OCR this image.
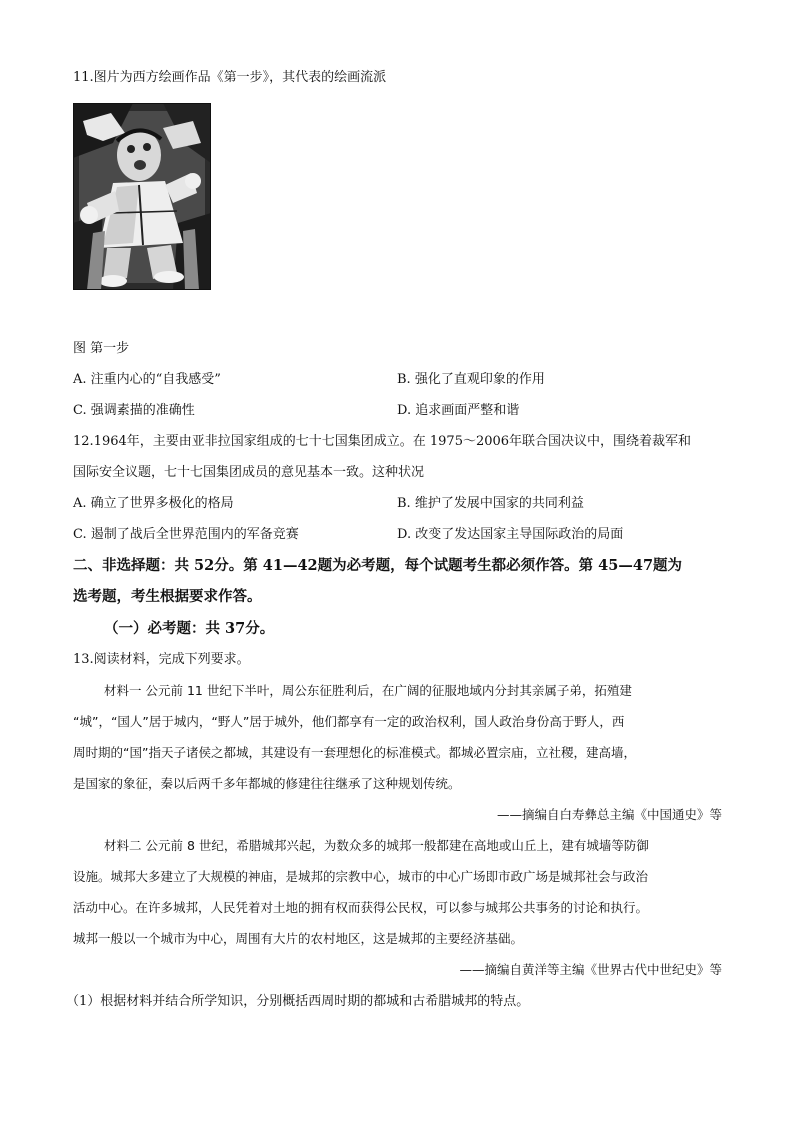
11.图片为西方绘画作品《第一步》，其代表的绘画流派
图 第一步
A. 注重内心的“自我感受”	B. 强化了直观印象的作用
C. 强调素描的准确性	D. 追求画面严整和谐
12.1964年，主要由亚非拉国家组成的七十七国集团成立。在 1975～2006年联合国决议中，围绕着裁军和
国际安全议题，七十七国集团成员的意见基本一致。这种状况
A. 确立了世界多极化的格局	B. 维护了发展中国家的共同利益
C. 遏制了战后全世界范围内的军备竞赛	D. 改变了发达国家主导国际政治的局面
二、非选择题：共 52分。第 41—42题为必考题，每个试题考生都必须作答。第 45—47题为
选考题，考生根据要求作答。
（一）必考题：共 37分。
13.阅读材料，完成下列要求。
材料一 公元前 11 世纪下半叶，周公东征胜利后，在广阔的征服地域内分封其亲属子弟，拓殖建
“城”，“国人”居于城内，“野人”居于城外，他们都享有一定的政治权利，国人政治身份高于野人，西
周时期的“国”指天子诸侯之都城，其建设有一套理想化的标准模式。都城必置宗庙，立社稷，建高墙，
是国家的象征，秦以后两千多年都城的修建往往继承了这种规划传统。
——摘编自白寿彝总主编《中国通史》等
材料二 公元前 8 世纪，希腊城邦兴起，为数众多的城邦一般都建在高地或山丘上，建有城墙等防御
设施。城邦大多建立了大规模的神庙，是城邦的宗教中心，城市的中心广场即市政广场是城邦社会与政治
活动中心。在许多城邦，人民凭着对土地的拥有权而获得公民权，可以参与城邦公共事务的讨论和执行。
城邦一般以一个城市为中心，周围有大片的农村地区，这是城邦的主要经济基础。
——摘编自黄洋等主编《世界古代中世纪史》等
（1）根据材料并结合所学知识，分别概括西周时期的都城和古希腊城邦的特点。
